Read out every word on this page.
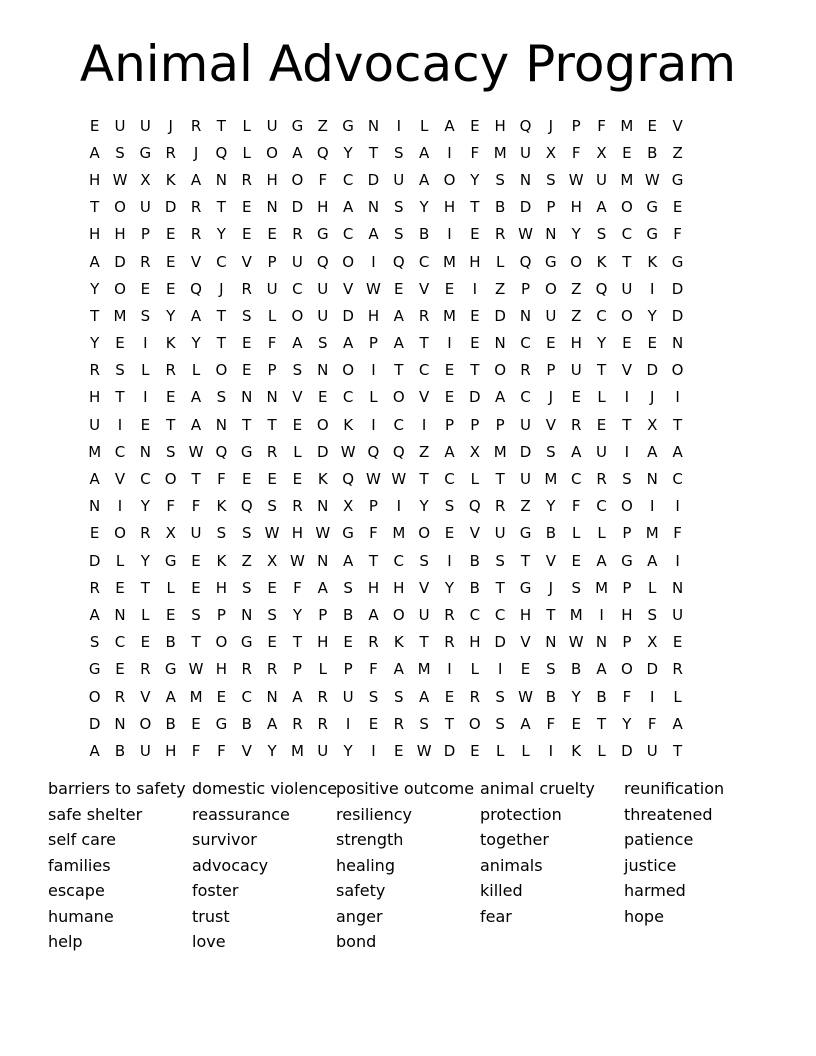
Animal Advocacy Program
E	U U	J	R	T	L	U G Z G N	I	L	A	E H Q	J	P	F M E	V
A	S G R	J	Q	L	O A Q Y	T	S	A	I	F M U X	F	X	E	B	Z
H W X	K	A N R H O	F	C D U A O Y	S N S W U M W G
T O U D R	T	E N D H A N S	Y	H	T	B D	P	H A O G E
H H	P	E	R	Y	E	E	R G C A	S	B	I	E	R W N	Y	S	C G	F
A D R	E	V C V	P	U Q O	I	Q C M H	L	Q G O K	T	K G
Y O E	E Q	J	R U C U V W E	V	E	I	Z	P O Z Q U	I	D
T M S	Y	A	T	S	L	O U D H A	R M E D N U Z C O Y D
Y	E	I	K	Y	T	E	F	A	S	A	P	A	T	I	E N C	E H	Y	E	E N
R	S	L	R	L	O E	P	S N O	I	T	C	E	T O R	P	U	T	V D O
H	T	I	E	A	S N N V	E	C	L	O V	E D A C	J	E	L	I	J	I
U	I	E	T	A N	T	T	E O K	I	C	I	P	P	P	U V	R	E	T	X	T
M C N S W Q G R	L	D W Q Q Z	A	X M D S	A U	I	A	A
A	V C O T	F	E	E	E	K Q W W T	C	L	T	U M C R	S N C
N	I	Y	F	F	K Q S	R N X	P	I	Y	S Q R Z	Y	F	C O	I	I
E O R X U	S	S W H W G	F M O E	V U G B	L	L	P M F
D	L	Y G E	K	Z	X W N A	T	C	S	I	B	S	T	V	E	A G A	I
R	E	T	L	E H S	E	F	A	S H H V	Y	B	T G	J	S M P	L	N
A N	L	E	S	P	N S	Y	P	B	A O U R C C H	T M	I	H S	U
S	C	E	B	T O G E	T	H E	R	K	T	R H D V N W N	P	X	E
G E	R G W H R R	P	L	P	F	A M	I	L	I	E	S	B	A O D R
O R V	A M E	C N A	R U	S	S	A	E	R	S W B	Y	B	F	I	L
D N O B	E G B	A	R R	I	E	R	S	T O S	A	F	E	T	Y	F	A
A	B U H	F	F	V	Y M U	Y	I	E W D E	L	L	I	K	L	D U	T
barriers to safety
safe shelter
self care
families
escape
humane
help
domestic violence
reassurance
survivor
advocacy
foster
trust
love
positive outcome
resiliency
strength
healing
safety
anger
bond
animal cruelty
protection
together
animals
killed
fear
reunification
threatened
patience
justice
harmed
hope
